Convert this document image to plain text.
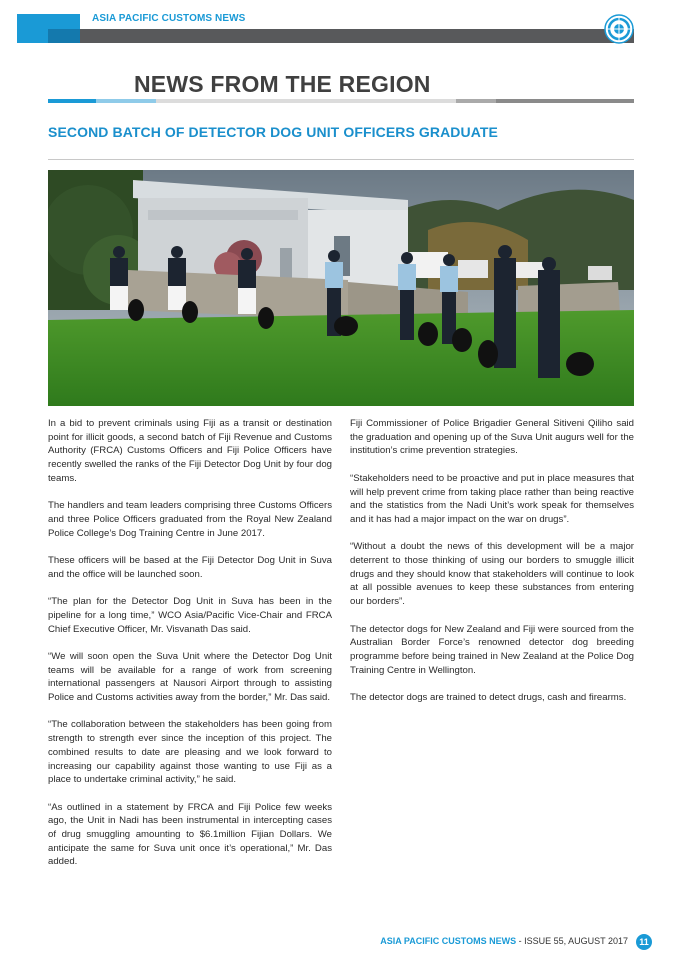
ASIA PACIFIC CUSTOMS NEWS
NEWS FROM THE REGION
SECOND BATCH OF DETECTOR DOG UNIT OFFICERS GRADUATE

In a bid to prevent criminals using Fiji as a transit or destination point for illicit goods, a second batch of Fiji Revenue and Customs Authority (FRCA) Customs Officers and Fiji Police Officers have recently swelled the ranks of the Fiji Detector Dog Unit by four dog teams.

The handlers and team leaders comprising three Customs Officers and three Police Officers graduated from the Royal New Zealand Police College’s Dog Training Centre in June 2017.

These officers will be based at the Fiji Detector Dog Unit in Suva and the office will be launched soon.

“The plan for the Detector Dog Unit in Suva has been in the pipeline for a long time,” WCO Asia/Pacific Vice-Chair and FRCA Chief Executive Officer, Mr. Visvanath Das said.

“We will soon open the Suva Unit where the Detector Dog Unit teams will be available for a range of work from screening international passengers at Nausori Airport through to assisting Police and Customs activities away from the border,” Mr. Das said.

“The collaboration between the stakeholders has been going from strength to strength ever since the inception of this project. The combined results to date are pleasing and we look forward to increasing our capability against those wanting to use Fiji as a place to undertake criminal activity,” he said.

“As outlined in a statement by FRCA and Fiji Police few weeks ago, the Unit in Nadi has been instrumental in intercepting cases of drug smuggling amounting to $6.1million Fijian Dollars. We anticipate the same for Suva unit once it’s operational,” Mr. Das added.

Fiji Commissioner of Police Brigadier General Sitiveni Qiliho said the graduation and opening up of the Suva Unit augurs well for the institution’s crime prevention strategies.

“Stakeholders need to be proactive and put in place measures that will help prevent crime from taking place rather than being reactive and the statistics from the Nadi Unit’s work speak for themselves and it has had a major impact on the war on drugs”.

“Without a doubt the news of this development will be a major deterrent to those thinking of using our borders to smuggle illicit drugs and they should know that stakeholders will continue to look at all possible avenues to keep these substances from entering our borders”.

The detector dogs for New Zealand and Fiji were sourced from the Australian Border Force’s renowned detector dog breeding programme before being trained in New Zealand at the Police Dog Training Centre in Wellington.

The detector dogs are trained to detect drugs, cash and firearms.

ASIA PACIFIC CUSTOMS NEWS - ISSUE 55, AUGUST 2017	11
